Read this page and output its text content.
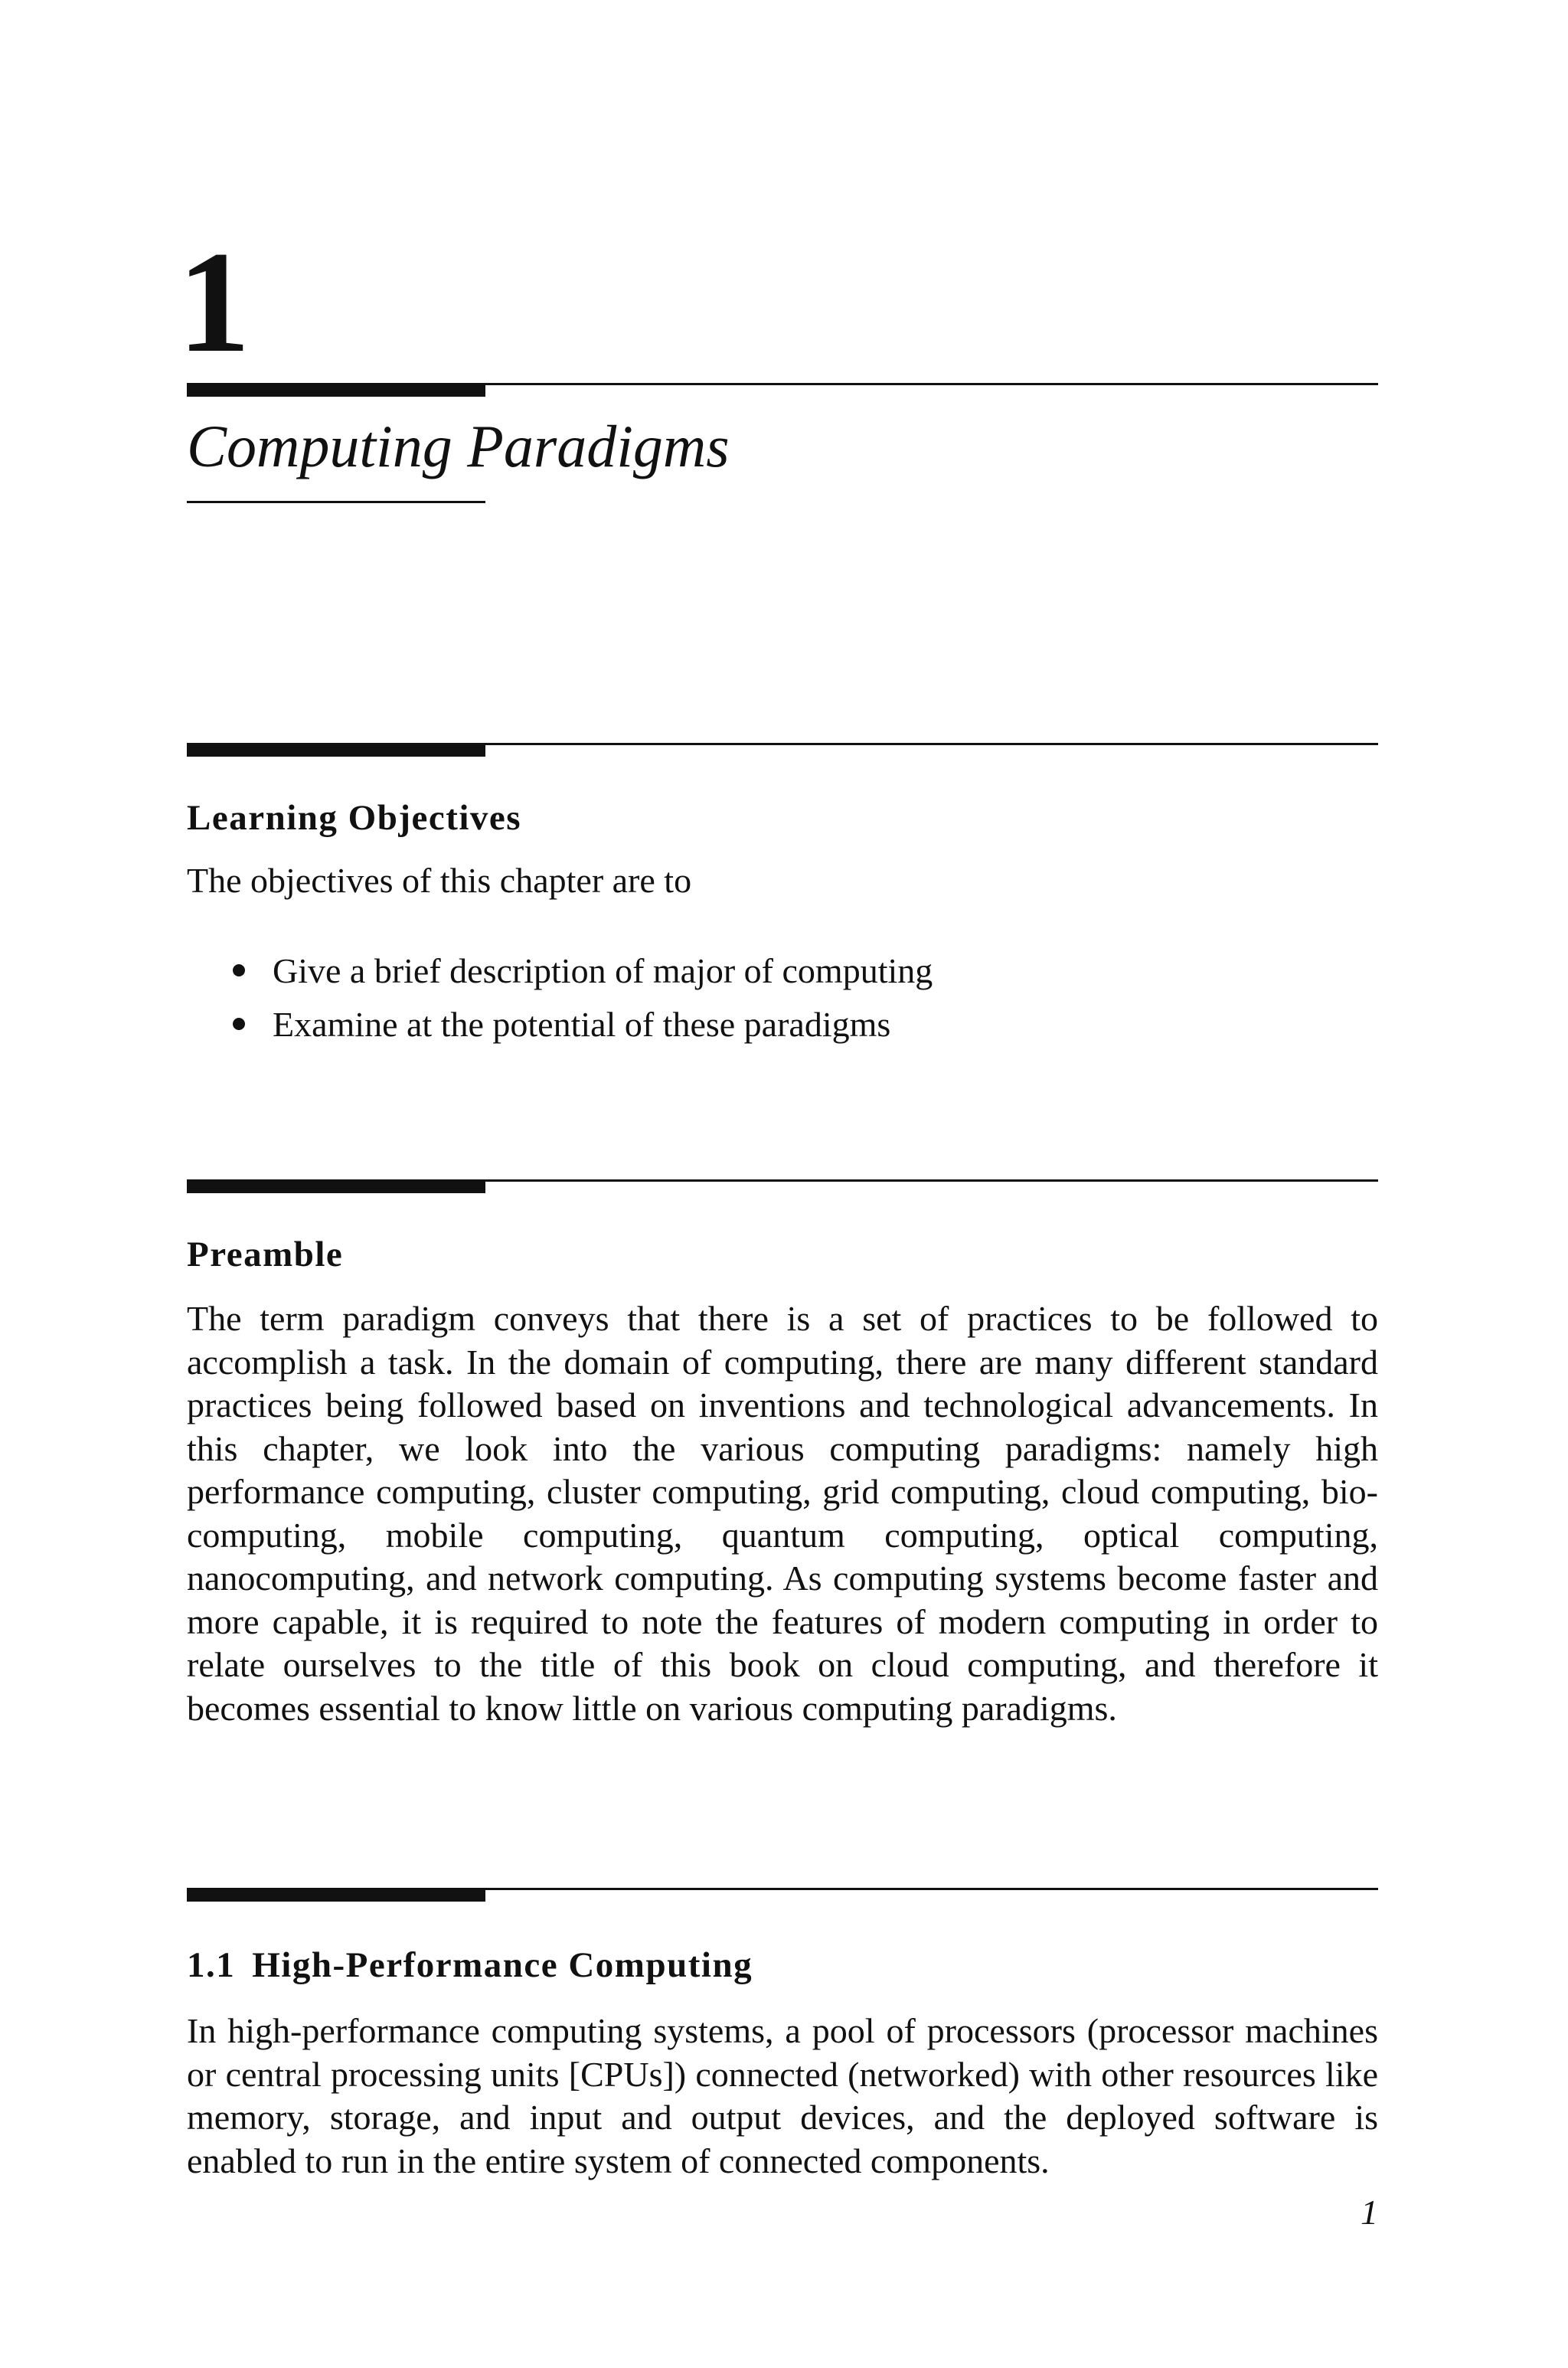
1
Computing Paradigms
Learning Objectives

The objectives of this chapter are to

Give a brief description of major of computing
Examine at the potential of these paradigms
Preamble

The term paradigm conveys that there is a set of practices to be followed to accomplish a task. In the domain of computing, there are many different standard practices being followed based on inventions and technological advancements. In this chapter, we look into the various computing paradigms: namely high performance computing, cluster computing, grid computing, cloud computing, bio-computing, mobile computing, quantum computing, optical computing, nanocomputing, and network computing. As computing systems become faster and more capable, it is required to note the features of modern computing in order to relate ourselves to the title of this book on cloud computing, and therefore it becomes essential to know little on various computing paradigms.

1.1 High-Performance Computing

In high-performance computing systems, a pool of processors (processor machines or central processing units [CPUs]) connected (networked) with other resources like memory, storage, and input and output devices, and the deployed software is enabled to run in the entire system of connected components.

1
